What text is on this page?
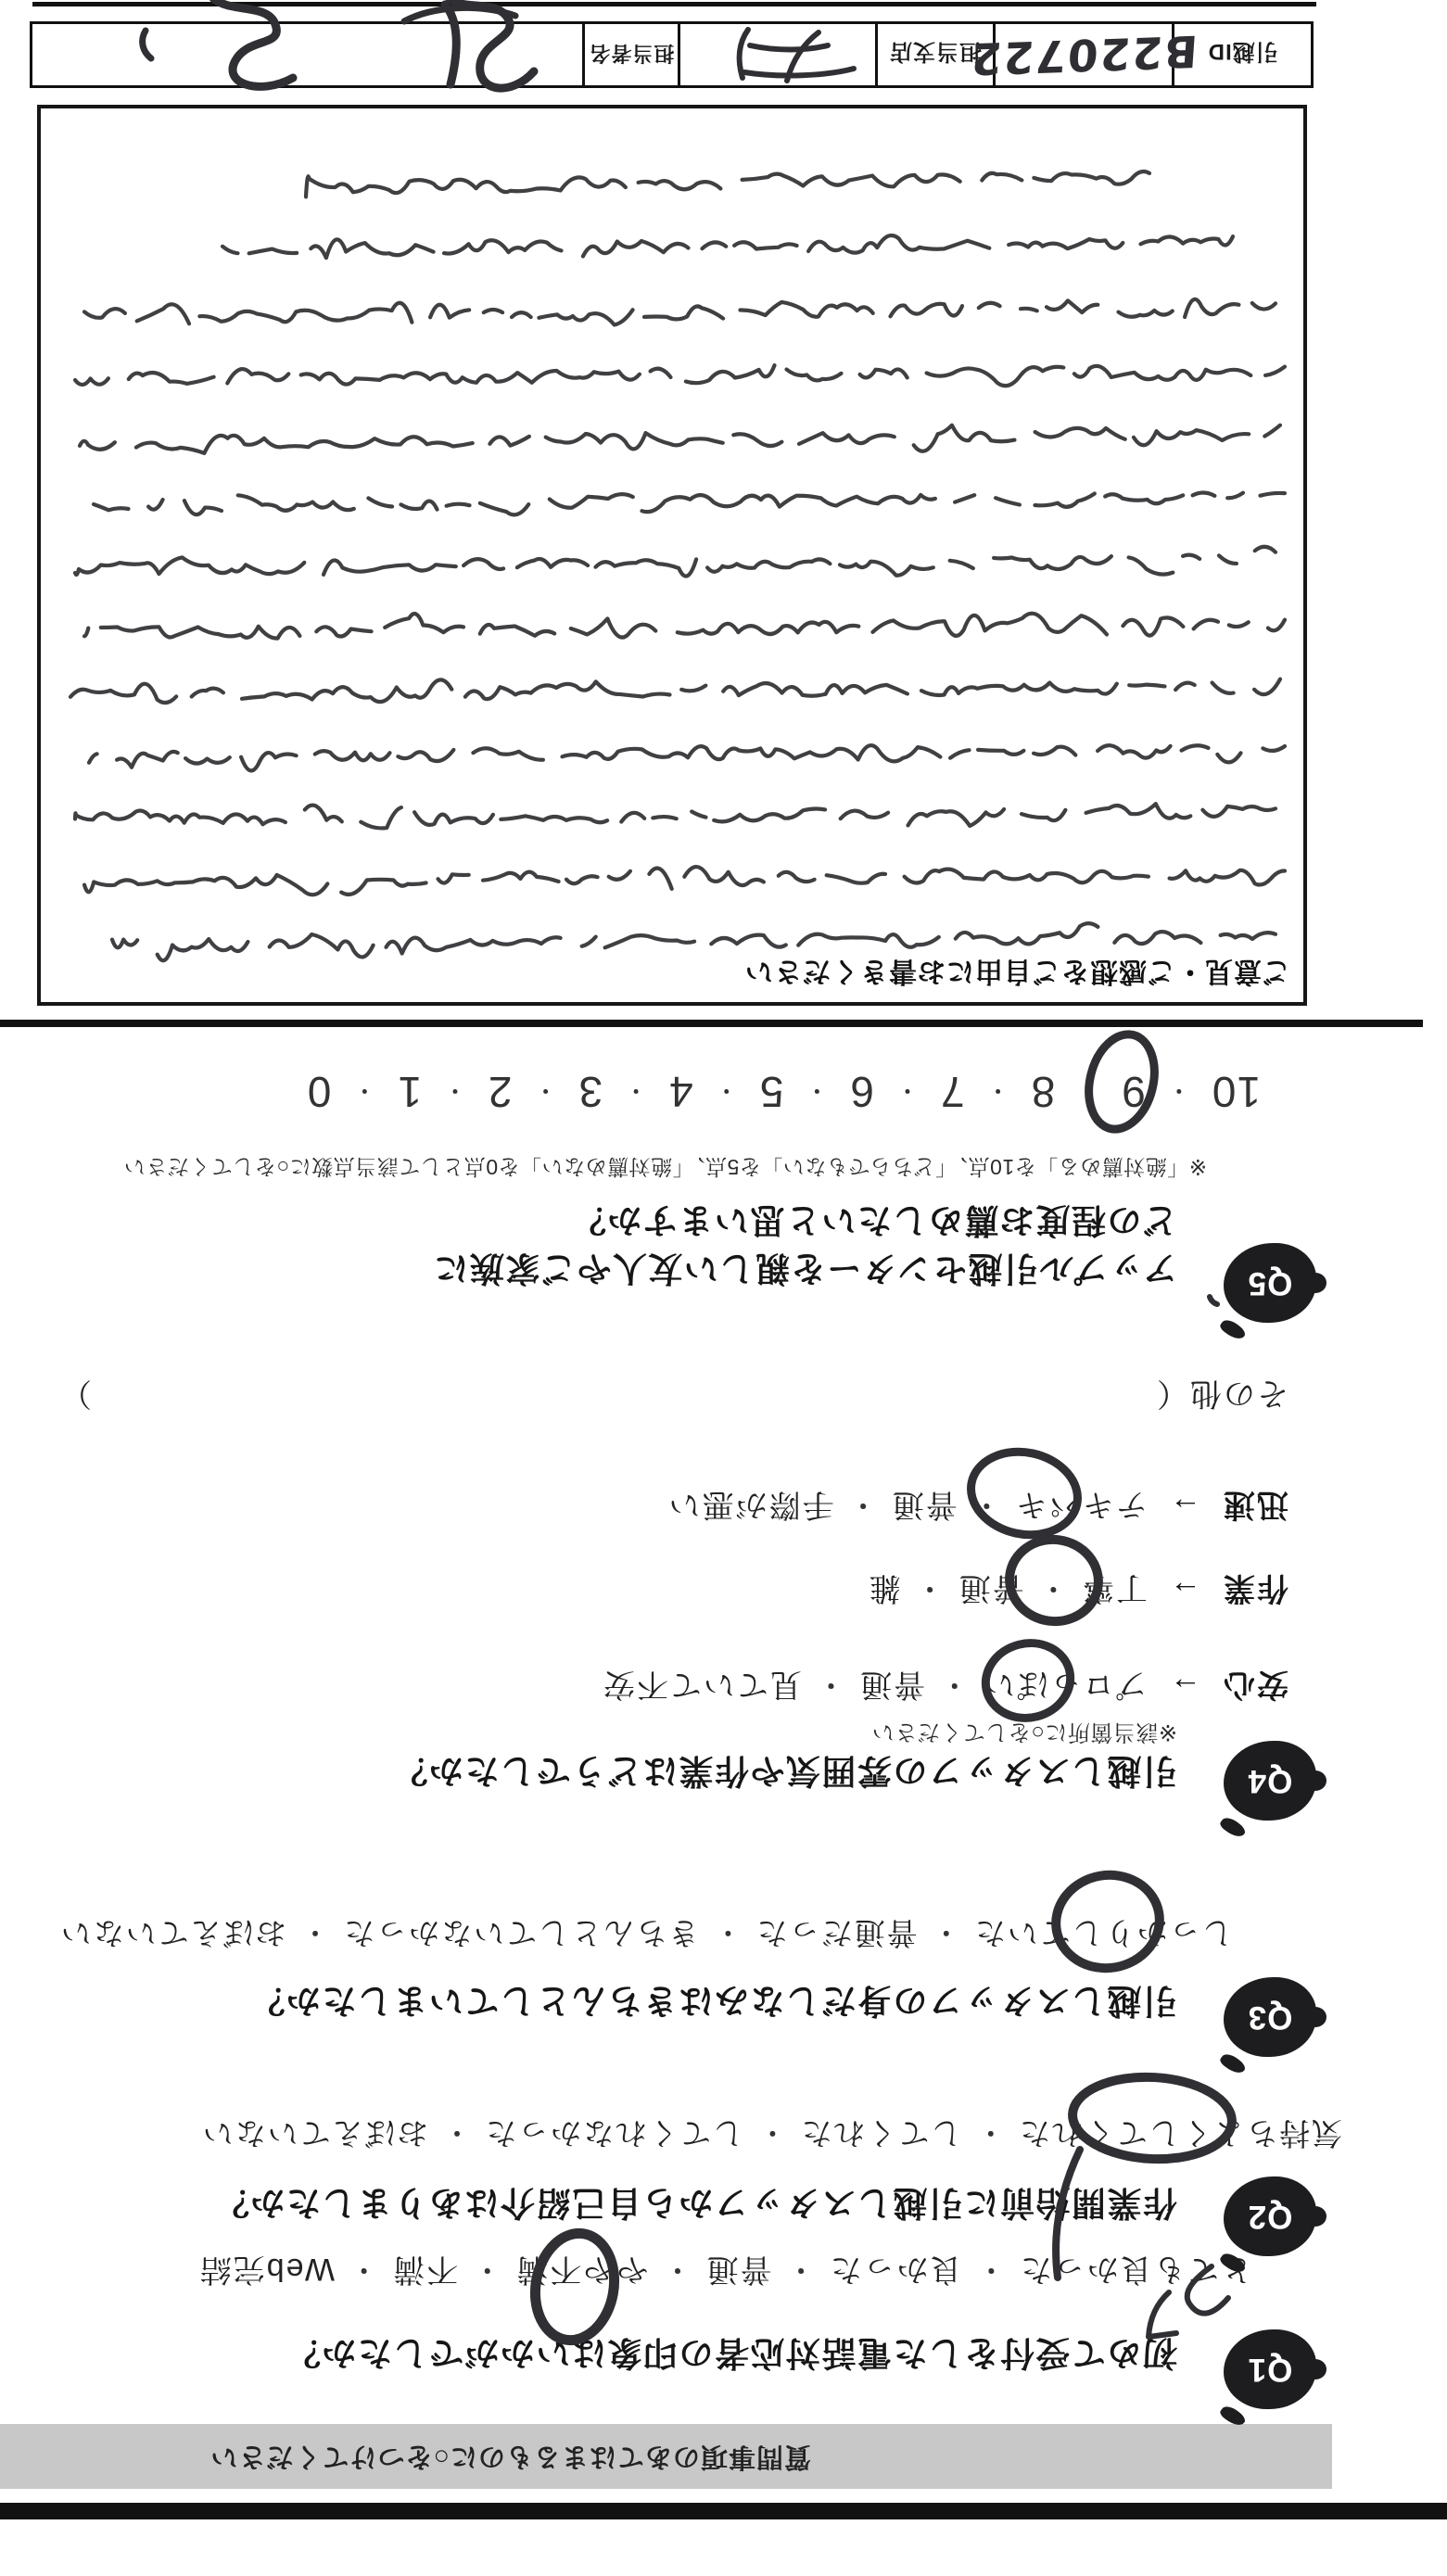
質問事項のあてはまるものに○をつけてください
Q1
初めて受付をした電話対応者の印象はいかがでしたか？
とても良かった
・
良かった
・
普通
・
やや不満
・
不満
・
Web完結
Q2
作業開始前に引越しスタッフから自己紹介はありましたか？
気持ちよくしてくれた
・
してくれた
・
してくれなかった
・
おぼえていない
Q3
引越しスタッフの身だしなみはきちんとしていましたか？
しっかりしていた
・
普通だった
・
きちんとしていなかった
・
おぼえていない
Q4
引越しスタッフの雰囲気や作業はどうでしたか？
※該当箇所に○をしてください
安心
→
プロっぽい
・
普通
・
見ていて不安
作業
→
丁寧
・
普通
・
雑
迅速
→
テキパキ
・
普通
・
手際が悪い
その他（
）
Q5
アップル引越センターを親しい友人やご家族に
どの程度お薦めしたいと思いますか？
※「絶対薦める」を10点、「どちらでもない」を5点、「絶対薦めない」を0点として該当点数に○をしてください
10
・
9
・
8
・
7
・
6
・
5
・
4
・
3
・
2
・
1
・
0
ご意見・ご感想をご自由にお書きください
引越ID
B220722
担当支店
担当者名
